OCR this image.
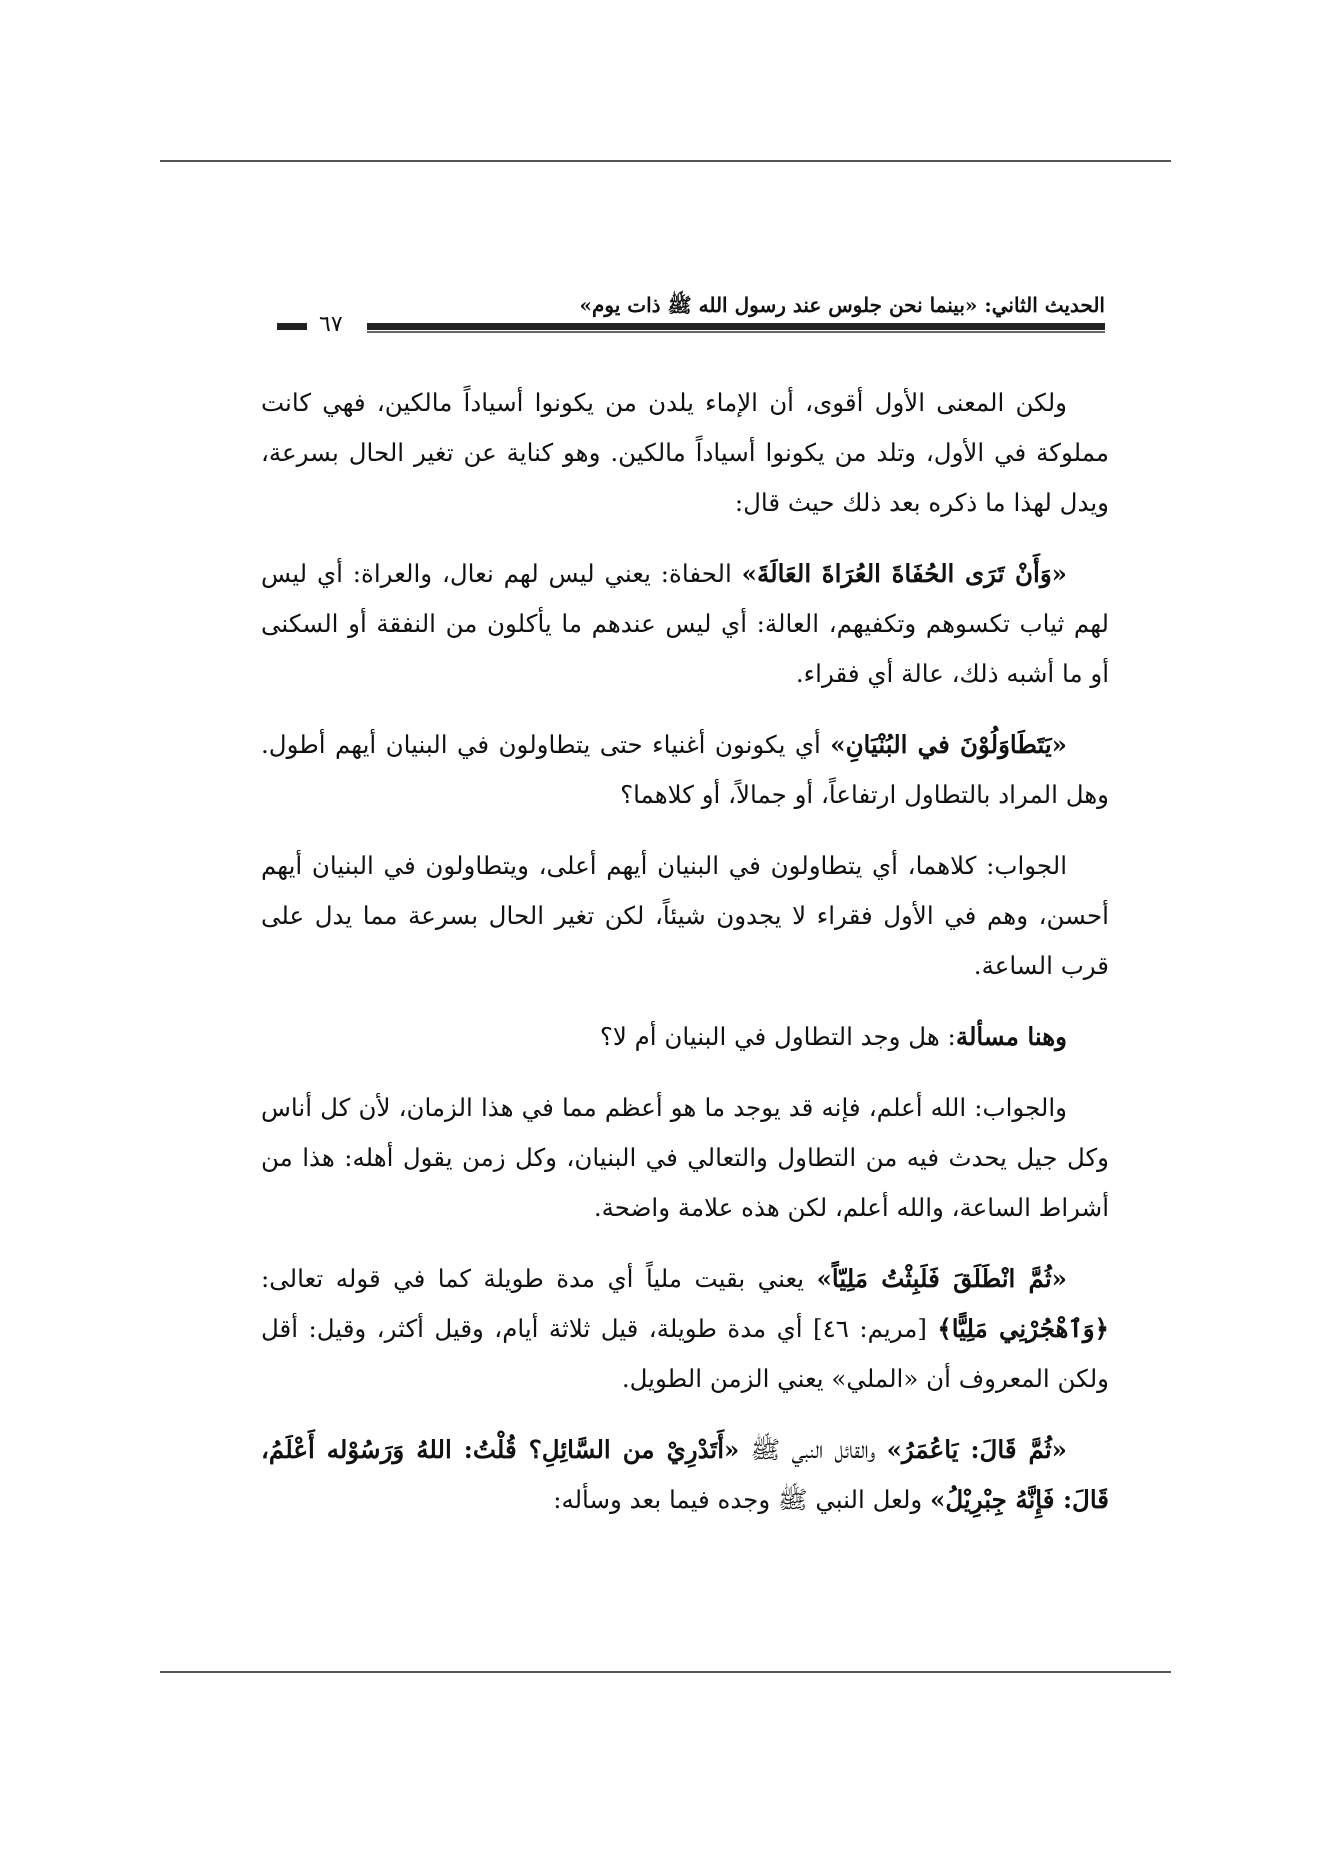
الحديث الثاني: «بينما نحن جلوس عند رسول الله ﷺ ذات يوم»
٦٧

ولكن المعنى الأول أقوى، أن الإماء يلدن من يكونوا أسياداً مالكين، فهي كانت مملوكة في الأول، وتلد من يكونوا أسياداً مالكين. وهو كناية عن تغير الحال بسرعة، ويدل لهذا ما ذكره بعد ذلك حيث قال:

«وَأَنْ تَرَى الحُفَاةَ العُرَاةَ العَالَةَ» الحفاة: يعني ليس لهم نعال، والعراة: أي ليس لهم ثياب تكسوهم وتكفيهم، العالة: أي ليس عندهم ما يأكلون من النفقة أو السكنى أو ما أشبه ذلك، عالة أي فقراء.

«يَتَطَاوَلُوْنَ في البُنْيَانِ» أي يكونون أغنياء حتى يتطاولون في البنيان أيهم أطول. وهل المراد بالتطاول ارتفاعاً، أو جمالاً، أو كلاهما؟

الجواب: كلاهما، أي يتطاولون في البنيان أيهم أعلى، ويتطاولون في البنيان أيهم أحسن، وهم في الأول فقراء لا يجدون شيئاً، لكن تغير الحال بسرعة مما يدل على قرب الساعة.

وهنا مسألة: هل وجد التطاول في البنيان أم لا؟

والجواب: الله أعلم، فإنه قد يوجد ما هو أعظم مما في هذا الزمان، لأن كل أناس وكل جيل يحدث فيه من التطاول والتعالي في البنيان، وكل زمن يقول أهله: هذا من أشراط الساعة، والله أعلم، لكن هذه علامة واضحة.

«ثُمَّ انْطَلَقَ فَلَبِثْتُ مَلِيّاً» يعني بقيت ملياً أي مدة طويلة كما في قوله تعالى: ﴿وَٱهْجُرْنِي مَلِيًّا﴾ [مريم: ٤٦] أي مدة طويلة، قيل ثلاثة أيام، وقيل أكثر، وقيل: أقل ولكن المعروف أن «الملي» يعني الزمن الطويل.

«ثُمَّ قَالَ: يَاعُمَرُ» والقائل النبي ﷺ «أَتَدْرِيْ من السَّائِلِ؟ قُلْتُ: اللهُ وَرَسُوْله أَعْلَمُ، قَالَ: فَإِنَّهُ جِبْرِيْلُ» ولعل النبي ﷺ وجده فيما بعد وسأله:
